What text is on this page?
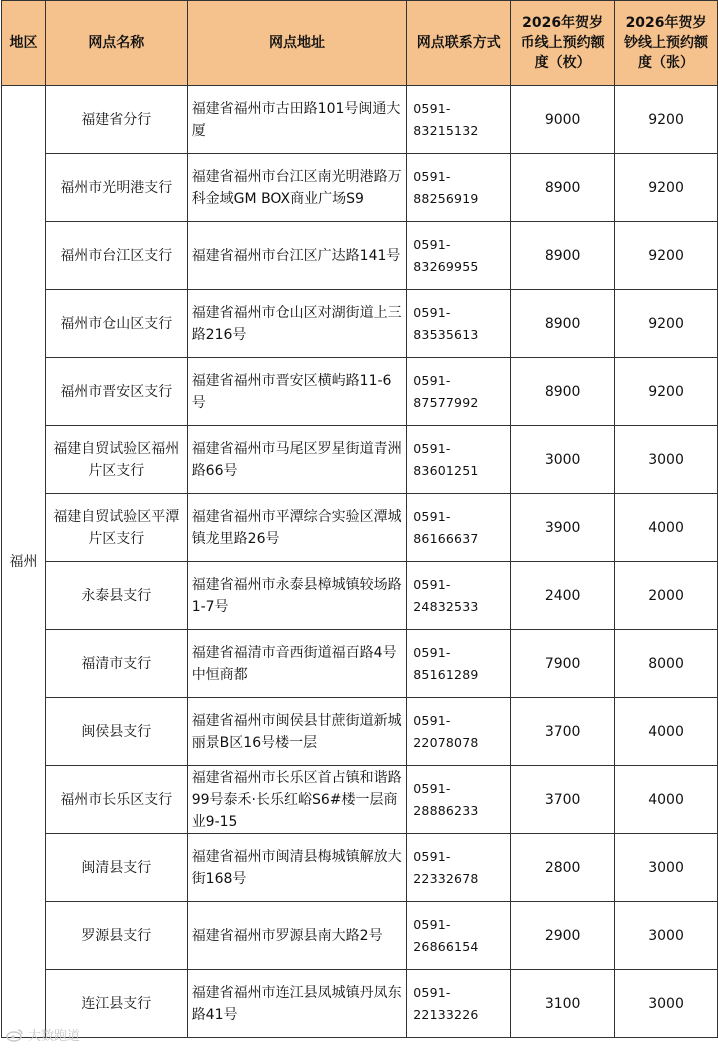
地区	网点名称	网点地址	网点联系方式	2026年贺岁币线上预约额度（枚）	2026年贺岁钞线上预约额度（张）
福州	福建省分行	福建省福州市古田路101号闽通大厦	0591-83215132	9000	9200
	福州市光明港支行	福建省福州市台江区南光明港路万科金域GM BOX商业广场S9	0591-88256919	8900	9200
	福州市台江区支行	福建省福州市台江区广达路141号	0591-83269955	8900	9200
	福州市仓山区支行	福建省福州市仓山区对湖街道上三路216号	0591-83535613	8900	9200
	福州市晋安区支行	福建省福州市晋安区横屿路11-6号	0591-87577992	8900	9200
	福建自贸试验区福州片区支行	福建省福州市马尾区罗星街道青洲路66号	0591-83601251	3000	3000
	福建自贸试验区平潭片区支行	福建省福州市平潭综合实验区潭城镇龙里路26号	0591-86166637	3900	4000
	永泰县支行	福建省福州市永泰县樟城镇较场路1-7号	0591-24832533	2400	2000
	福清市支行	福建省福清市音西街道福百路4号中恒商都	0591-85161289	7900	8000
	闽侯县支行	福建省福州市闽侯县甘蔗街道新城丽景B区16号楼一层	0591-22078078	3700	4000
	福州市长乐区支行	福建省福州市长乐区首占镇和谐路99号泰禾·长乐红峪S6#楼一层商业9-15	0591-28886233	3700	4000
	闽清县支行	福建省福州市闽清县梅城镇解放大街168号	0591-22332678	2800	3000
	罗源县支行	福建省福州市罗源县南大路2号	0591-26866154	2900	3000
	连江县支行	福建省福州市连江县凤城镇丹凤东路41号	0591-22133226	3100	3000
大数跑道
